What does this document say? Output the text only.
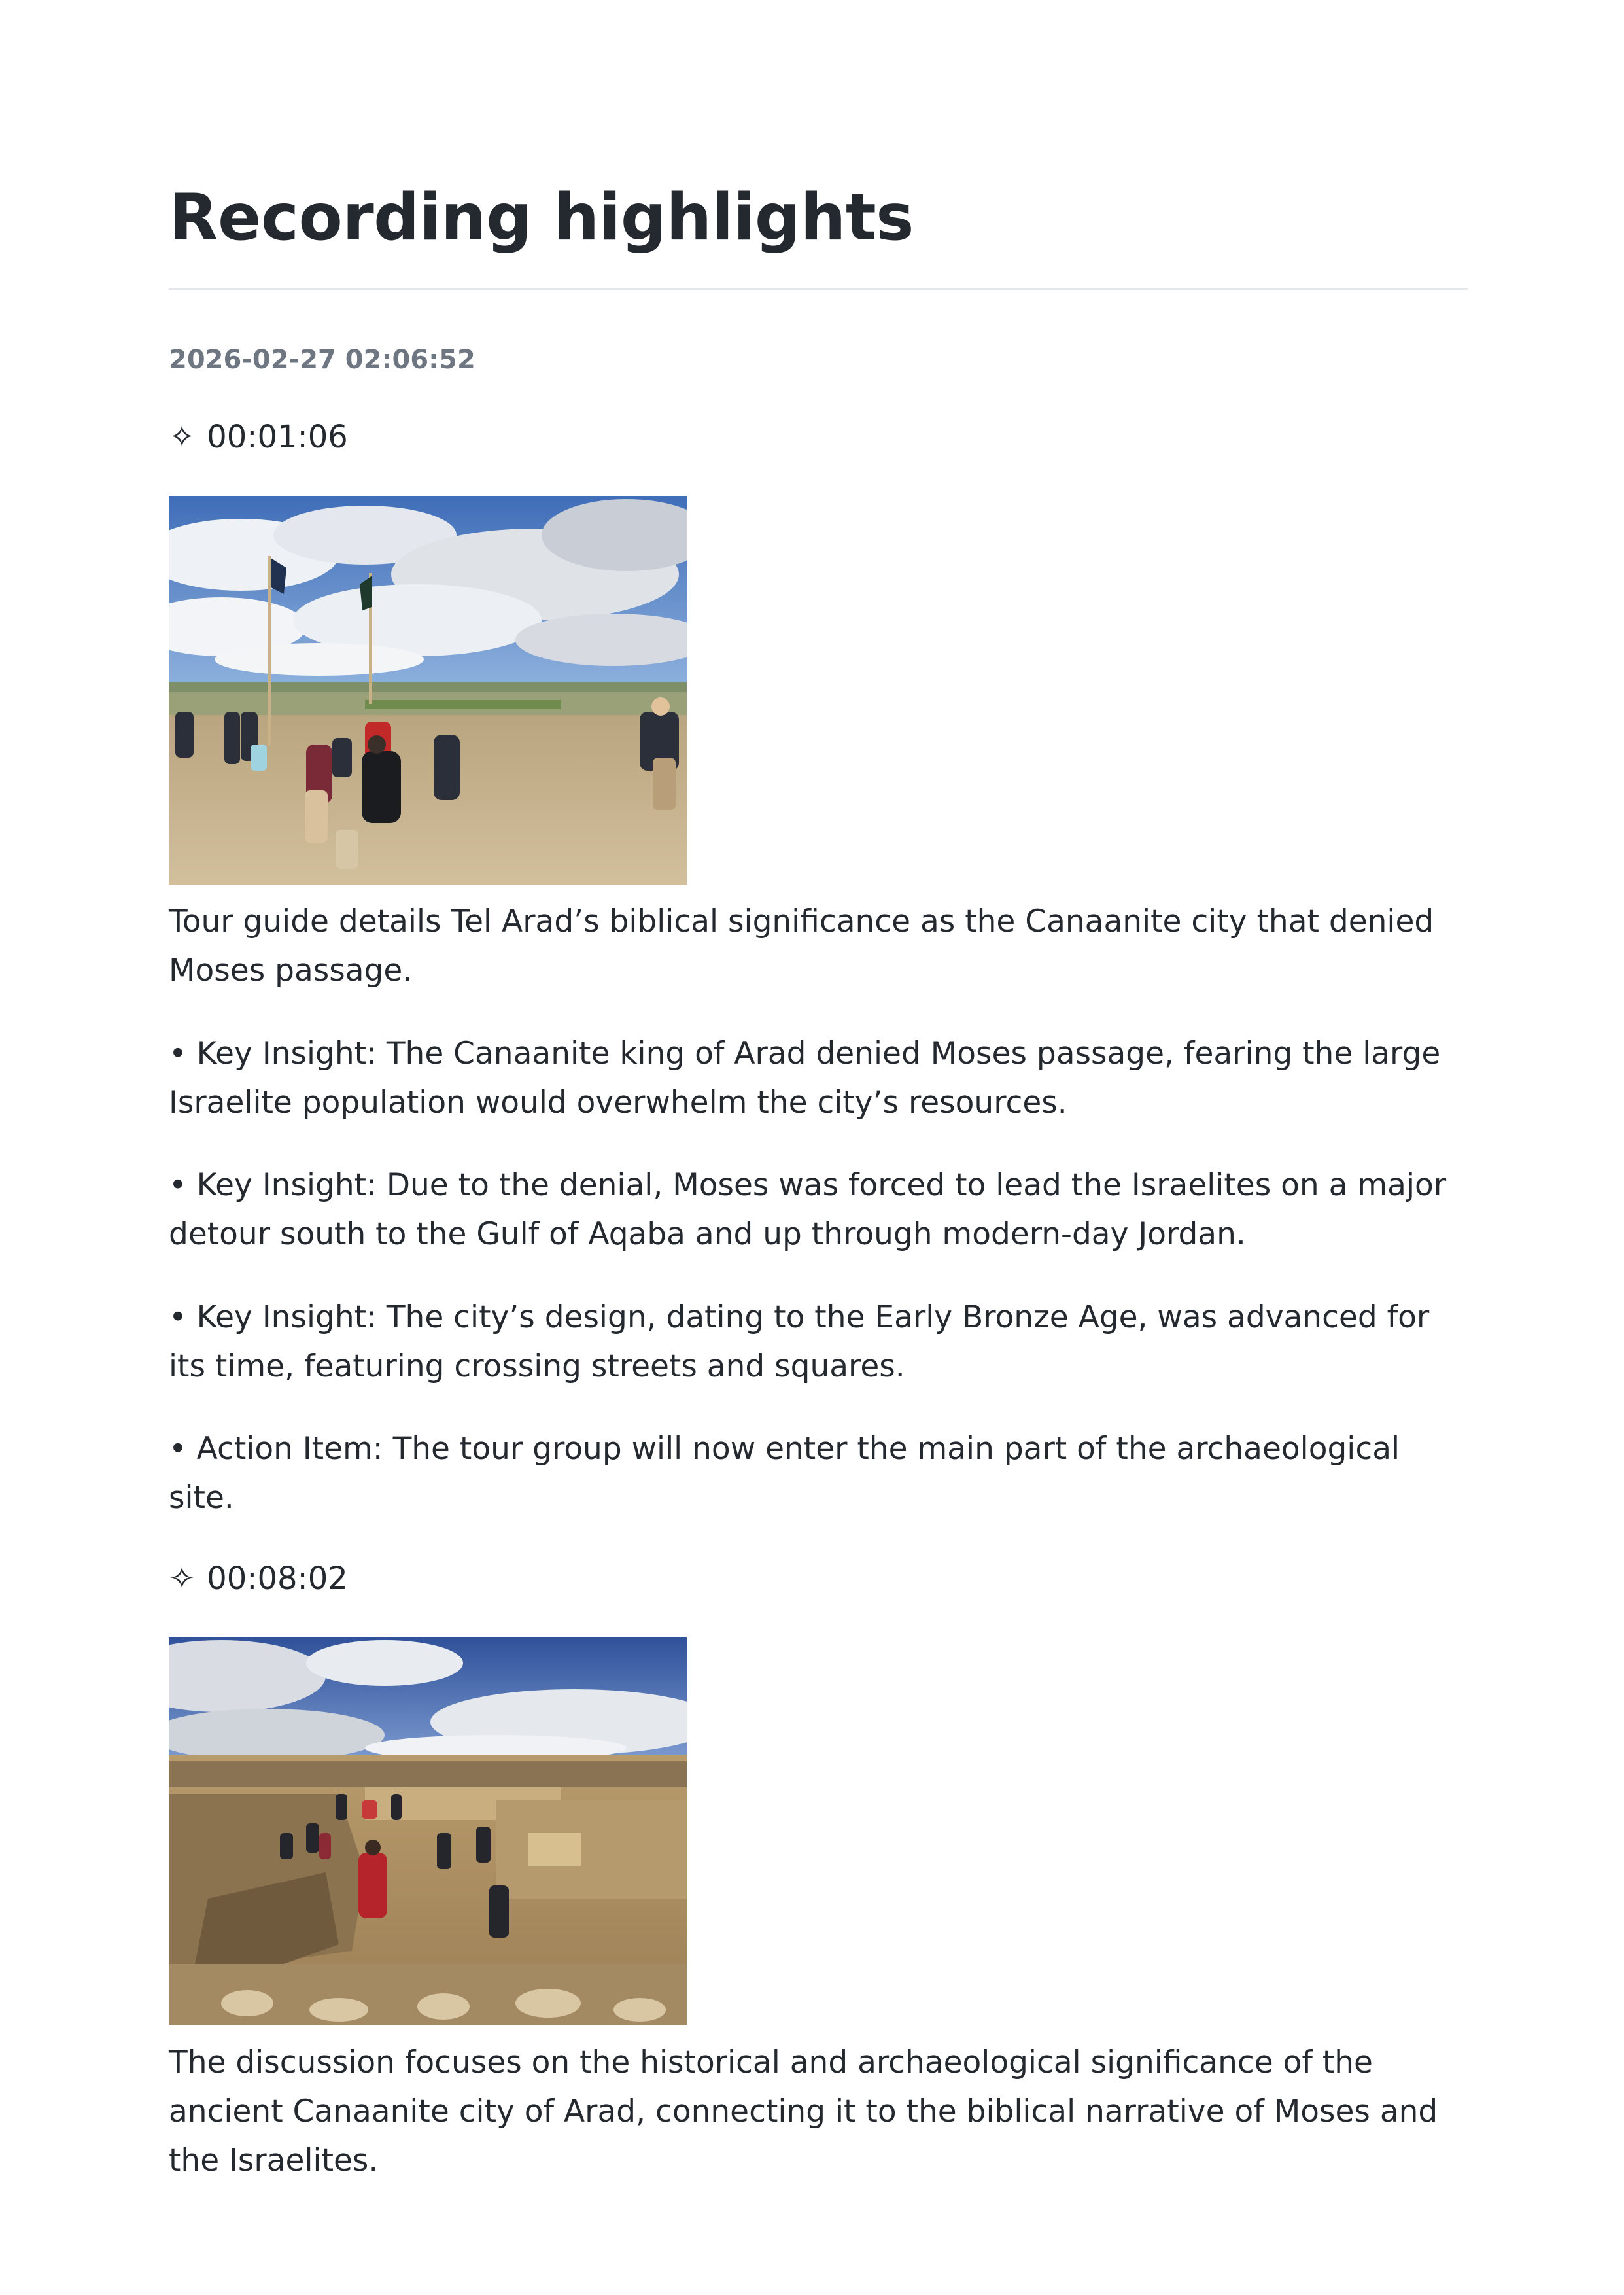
Recording highlights
2026-02-27 02:06:52
✧ 00:01:06

Tour guide details Tel Arad’s biblical significance as the Canaanite city that denied Moses passage.

• Key Insight: The Canaanite king of Arad denied Moses passage, fearing the large Israelite population would overwhelm the city’s resources.

• Key Insight: Due to the denial, Moses was forced to lead the Israelites on a major detour south to the Gulf of Aqaba and up through modern-day Jordan.

• Key Insight: The city’s design, dating to the Early Bronze Age, was advanced for its time, featuring crossing streets and squares.

• Action Item: The tour group will now enter the main part of the archaeological site.

✧ 00:08:02

The discussion focuses on the historical and archaeological significance of the ancient Canaanite city of Arad, connecting it to the biblical narrative of Moses and the Israelites.
